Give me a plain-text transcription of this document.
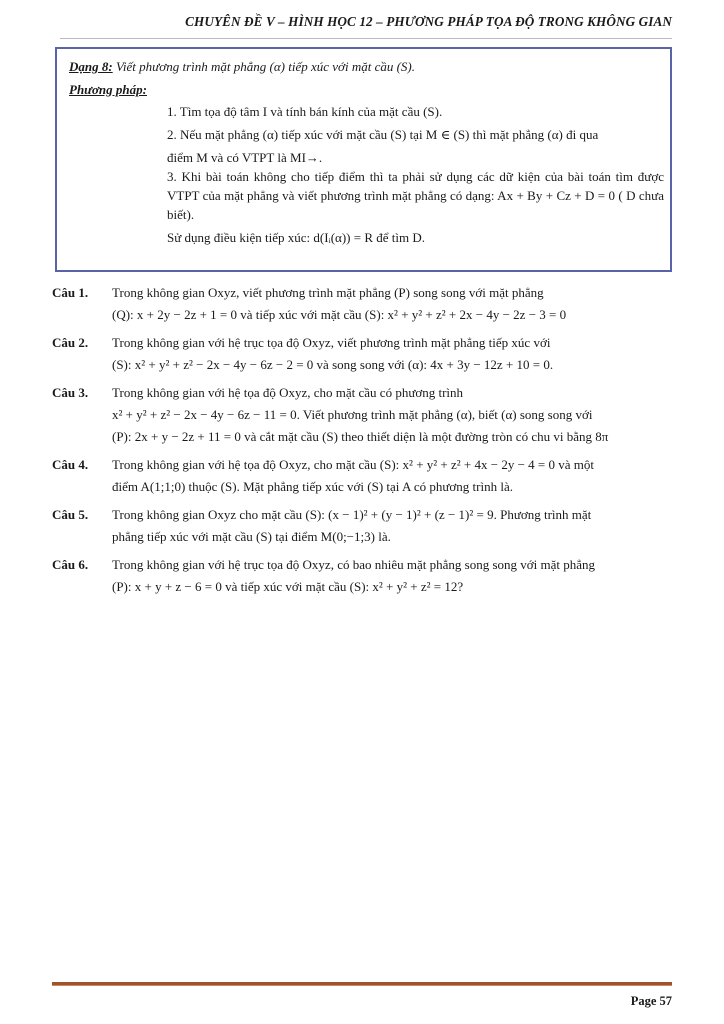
CHUYÊN ĐỀ V – HÌNH HỌC 12 – PHƯƠNG PHÁP TỌA ĐỘ TRONG KHÔNG GIAN
Dạng 8: Viết phương trình mặt phẳng (α) tiếp xúc với mặt cầu (S).
Phương pháp:
1. Tìm tọa độ tâm I và tính bán kính của mặt cầu (S).
2. Nếu mặt phẳng (α) tiếp xúc với mặt cầu (S) tại M ∈ (S) thì mặt phẳng (α) đi qua
điểm M và có VTPT là MI→.
3. Khi bài toán không cho tiếp điểm thì ta phải sử dụng các dữ kiện của bài toán tìm được VTPT của mặt phẳng và viết phương trình mặt phẳng có dạng: Ax + By + Cz + D = 0 ( D chưa biết).
Sử dụng điều kiện tiếp xúc: d(Iᵢ(α)) = R để tìm D.
Câu 1.	Trong không gian Oxyz, viết phương trình mặt phẳng (P) song song với mặt phẳng
(Q): x + 2y − 2z + 1 = 0 và tiếp xúc với mặt cầu (S): x² + y² + z² + 2x − 4y − 2z − 3 = 0
Câu 2.	Trong không gian với hệ trục tọa độ Oxyz, viết phương trình mặt phẳng tiếp xúc với
(S): x² + y² + z² − 2x − 4y − 6z − 2 = 0 và song song với (α): 4x + 3y − 12z + 10 = 0.
Câu 3.	Trong không gian với hệ tọa độ Oxyz, cho mặt cầu có phương trình
x² + y² + z² − 2x − 4y − 6z − 11 = 0. Viết phương trình mặt phẳng (α), biết (α) song song với
(P): 2x + y − 2z + 11 = 0 và cắt mặt cầu (S) theo thiết diện là một đường tròn có chu vi bằng 8π
Câu 4.	Trong không gian với hệ tọa độ Oxyz, cho mặt cầu (S): x² + y² + z² + 4x − 2y − 4 = 0 và một
điểm A(1;1;0) thuộc (S). Mặt phẳng tiếp xúc với (S) tại A có phương trình là.
Câu 5.	Trong không gian Oxyz cho mặt cầu (S): (x − 1)² + (y − 1)² + (z − 1)² = 9. Phương trình mặt
phẳng tiếp xúc với mặt cầu (S) tại điểm M(0;−1;3) là.
Câu 6.	Trong không gian với hệ trục tọa độ Oxyz, có bao nhiêu mặt phẳng song song với mặt phẳng
(P): x + y + z − 6 = 0 và tiếp xúc với mặt cầu (S): x² + y² + z² = 12?
Page 57
